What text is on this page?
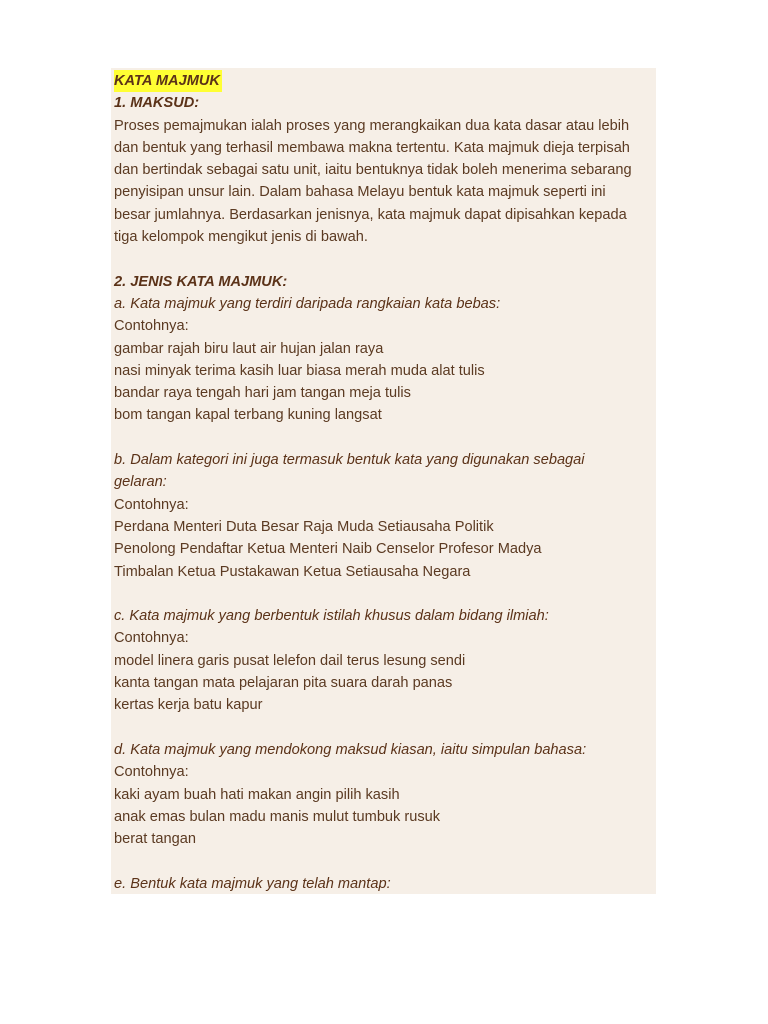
KATA MAJMUK
1. MAKSUD:
Proses pemajmukan ialah proses yang merangkaikan dua kata dasar atau lebih
dan bentuk yang terhasil membawa makna tertentu. Kata majmuk dieja terpisah
dan bertindak sebagai satu unit, iaitu bentuknya tidak boleh menerima sebarang
penyisipan unsur lain. Dalam bahasa Melayu bentuk kata majmuk seperti ini
besar jumlahnya. Berdasarkan jenisnya, kata majmuk dapat dipisahkan kepada
tiga kelompok mengikut jenis di bawah.
2. JENIS KATA MAJMUK:
a. Kata majmuk yang terdiri daripada rangkaian kata bebas:
Contohnya:
gambar rajah biru laut air hujan jalan raya
nasi minyak terima kasih luar biasa merah muda alat tulis
bandar raya tengah hari jam tangan meja tulis
bom tangan kapal terbang kuning langsat
b. Dalam kategori ini juga termasuk bentuk kata yang digunakan sebagai
gelaran:
Contohnya:
Perdana Menteri Duta Besar Raja Muda Setiausaha Politik
Penolong Pendaftar Ketua Menteri Naib Censelor Profesor Madya
Timbalan Ketua Pustakawan Ketua Setiausaha Negara
c. Kata majmuk yang berbentuk istilah khusus dalam bidang ilmiah:
Contohnya:
model linera garis pusat lelefon dail terus lesung sendi
kanta tangan mata pelajaran pita suara darah panas
kertas kerja batu kapur
d. Kata majmuk yang mendokong maksud kiasan, iaitu simpulan bahasa:
Contohnya:
kaki ayam buah hati makan angin pilih kasih
anak emas bulan madu manis mulut tumbuk rusuk
berat tangan
e. Bentuk kata majmuk yang telah mantap:
